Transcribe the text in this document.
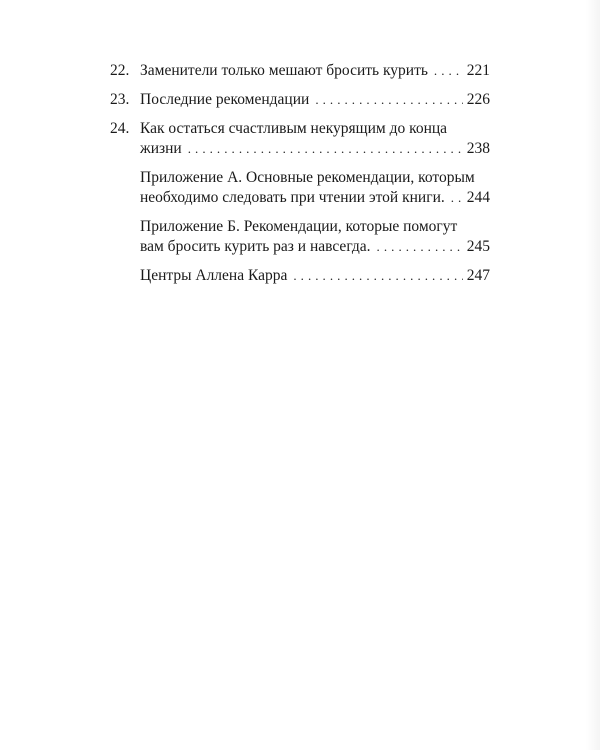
22. Заменители только мешают бросить курить . . .	221
23. Последние рекомендации . . .	226
24. Как остаться счастливым некурящим до конца
жизни . . .	238
Приложение А. Основные рекомендации, которым
необходимо следовать при чтении этой книги. . . . 244
Приложение Б. Рекомендации, которые помогут
вам бросить курить раз и навсегда. . . .	245
Центры Аллена Карра . . .	247
